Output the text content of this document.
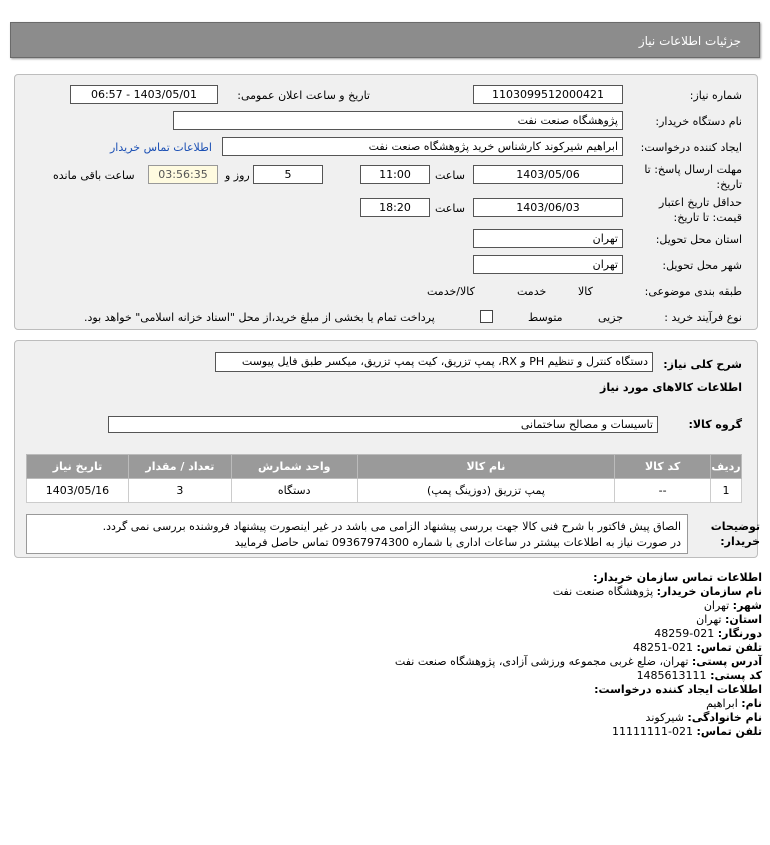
جزئیات اطلاعات نیاز
شماره نیاز:
1103099512000421
تاریخ و ساعت اعلان عمومی:
1403/05/01 - 06:57
نام دستگاه خریدار:
پژوهشگاه صنعت نفت
ایجاد کننده درخواست:
ابراهیم شیرکوند کارشناس خرید پژوهشگاه صنعت نفت
اطلاعات تماس خریدار
مهلت ارسال پاسخ: تا تاریخ:
1403/05/06
ساعت
11:00
5
روز و
03:56:35
ساعت باقی مانده
حداقل تاریخ اعتبار قیمت: تا تاریخ:
1403/06/03
ساعت
18:20
استان محل تحویل:
تهران
شهر محل تحویل:
تهران
طبقه بندی موضوعی:

کالا

خدمت

کالا/خدمت
نوع فرآیند خرید :

جزیی
متوسط
پرداخت تمام یا بخشی از مبلغ خرید،از محل "اسناد خزانه اسلامی" خواهد بود.
شرح کلی نیاز:
دستگاه کنترل و تنظیم PH و RX، پمپ تزریق، کیت پمپ تزریق، میکسر طبق فایل پیوست
اطلاعات کالاهای مورد نیاز
گروه کالا:
تاسیسات و مصالح ساختمانی
ردیف	کد کالا	نام کالا	واحد شمارش	تعداد / مقدار	تاریخ نیاز
1	--	پمپ تزریق (دوزینگ پمپ)	دستگاه	3	1403/05/16
توضیحات خریدار:
الصاق پیش فاکتور با شرح فنی کالا جهت بررسی پیشنهاد الزامی می باشد در غیر اینصورت پیشنهاد فروشنده بررسی نمی گردد.
در صورت نیاز به اطلاعات بیشتر در ساعات اداری با شماره 09367974300 تماس حاصل فرمایید
اطلاعات تماس سازمان خریدار:
نام سازمان خریدار: پژوهشگاه صنعت نفت
شهر: تهران
استان: تهران
دورنگار: 021-48259
تلفن تماس: 021-48251
آدرس پستی: تهران، ضلع غربی مجموعه ورزشی آزادی، پژوهشگاه صنعت نفت
کد پستی: 1485613111
اطلاعات ایجاد کننده درخواست:
نام: ابراهیم
نام خانوادگی: شیرکوند
تلفن تماس: 021-11111111
